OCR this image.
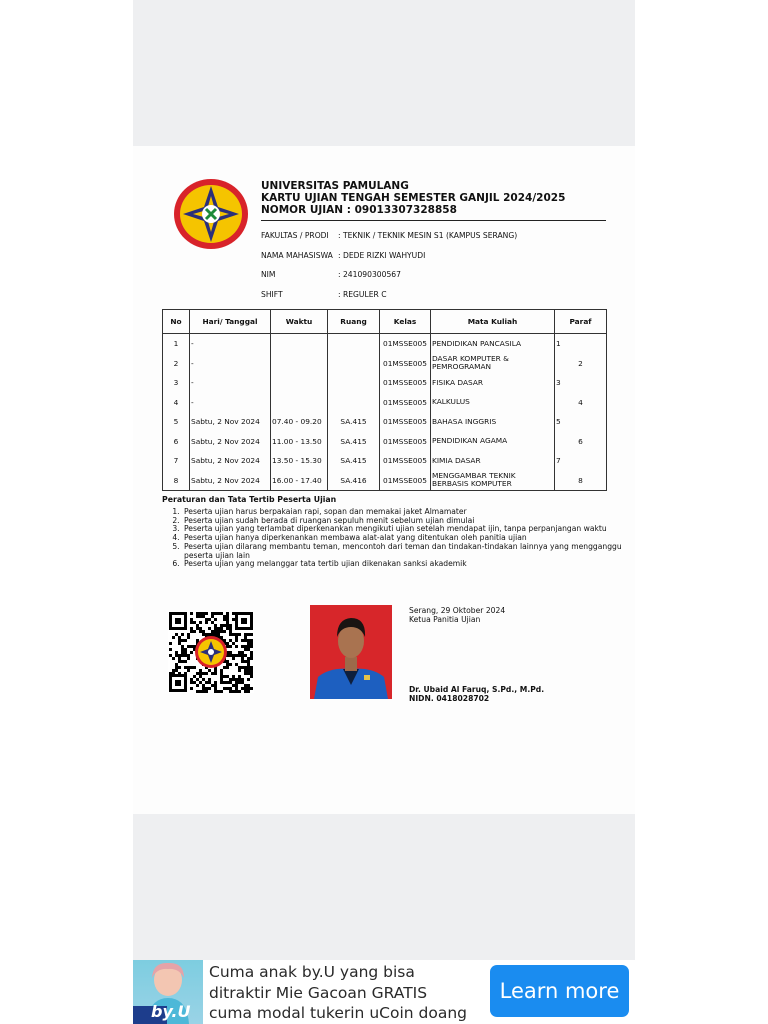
UNIVERSITAS PAMULANG
KARTU UJIAN TENGAH SEMESTER GANJIL 2024/2025
NOMOR UJIAN : 09013307328858
FAKULTAS / PRODI : TEKNIK / TEKNIK MESIN S1 (KAMPUS SERANG)
NAMA MAHASISWA : DEDE RIZKI WAHYUDI
NIM	: 241090300567
SHIFT	: REGULER C
No	Hari/ Tanggal	Waktu	Ruang	Kelas	Mata Kuliah	Paraf
1	-			01MSSE005	PENDIDIKAN PANCASILA	1
2	-			01MSSE005	DASAR KOMPUTER & PEMROGRAMAN	2
3	-			01MSSE005	FISIKA DASAR	3
4	-			01MSSE005	KALKULUS	4
5	Sabtu, 2 Nov 2024	07.40 - 09.20	SA.415	01MSSE005	BAHASA INGGRIS	5
6	Sabtu, 2 Nov 2024	11.00 - 13.50	SA.415	01MSSE005	PENDIDIKAN AGAMA	6
7	Sabtu, 2 Nov 2024	13.50 - 15.30	SA.415	01MSSE005	KIMIA DASAR	7
8	Sabtu, 2 Nov 2024	16.00 - 17.40	SA.416	01MSSE005	MENGGAMBAR TEKNIK BERBASIS KOMPUTER	8
Peraturan dan Tata Tertib Peserta Ujian
1. Peserta ujian harus berpakaian rapi, sopan dan memakai jaket Almamater
2. Peserta ujian sudah berada di ruangan sepuluh menit sebelum ujian dimulai
3. Peserta ujian yang terlambat diperkenankan mengikuti ujian setelah mendapat ijin, tanpa perpanjangan waktu
4. Peserta ujian hanya diperkenankan membawa alat-alat yang ditentukan oleh panitia ujian
5. Peserta ujian dilarang membantu teman, mencontoh dari teman dan tindakan-tindakan lainnya yang mengganggu peserta ujian lain
6. Peserta ujian yang melanggar tata tertib ujian dikenakan sanksi akademik
Serang, 29 Oktober 2024
Ketua Panitia Ujian
Dr. Ubaid Al Faruq, S.Pd., M.Pd.
NIDN. 0418028702
by.U
Cuma anak by.U yang bisa
ditraktir Mie Gacoan GRATIS
cuma modal tukerin uCoin doang
Learn more
